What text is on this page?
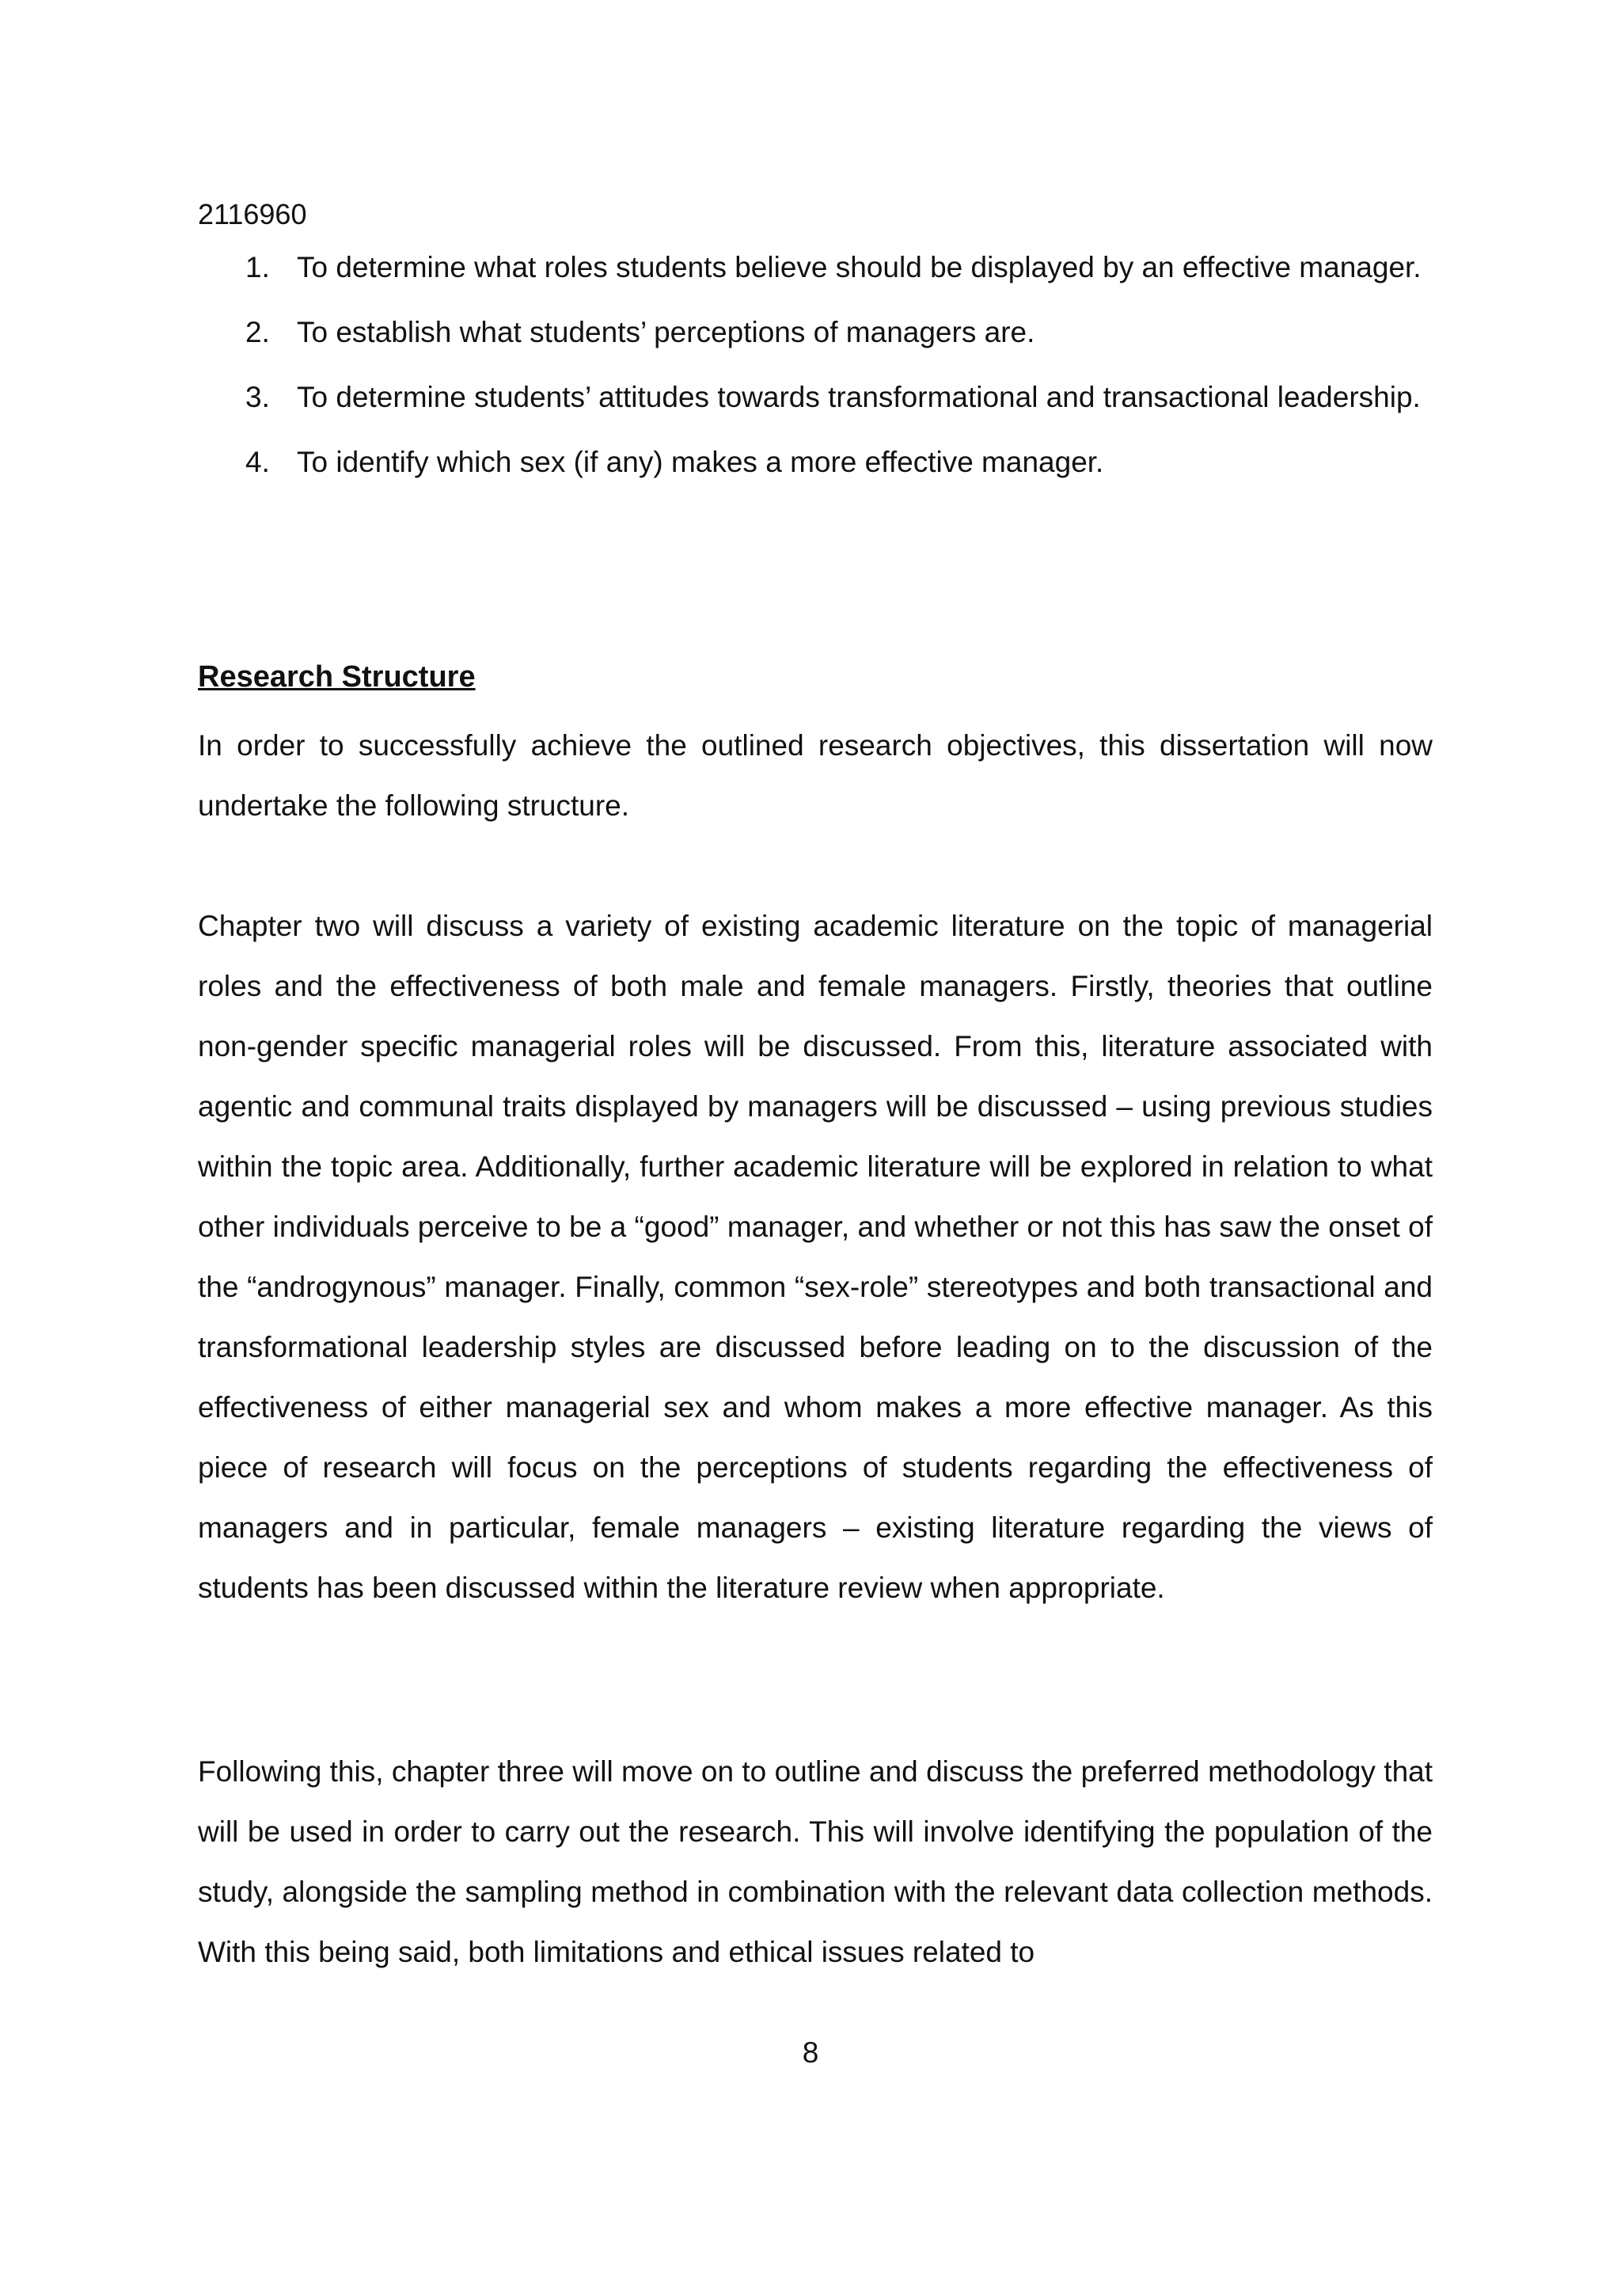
2116960
1. To determine what roles students believe should be displayed by an effective manager.
2. To establish what students’ perceptions of managers are.
3. To determine students’ attitudes towards transformational and transactional leadership.
4. To identify which sex (if any) makes a more effective manager.
Research Structure

In order to successfully achieve the outlined research objectives, this dissertation will now undertake the following structure.

Chapter two will discuss a variety of existing academic literature on the topic of managerial roles and the effectiveness of both male and female managers. Firstly, theories that outline non-gender specific managerial roles will be discussed. From this, literature associated with agentic and communal traits displayed by managers will be discussed – using previous studies within the topic area. Additionally, further academic literature will be explored in relation to what other individuals perceive to be a “good” manager, and whether or not this has saw the onset of the “androgynous” manager. Finally, common “sex-role” stereotypes and both transactional and transformational leadership styles are discussed before leading on to the discussion of the effectiveness of either managerial sex and whom makes a more effective manager. As this piece of research will focus on the perceptions of students regarding the effectiveness of managers and in particular, female managers – existing literature regarding the views of students has been discussed within the literature review when appropriate.

Following this, chapter three will move on to outline and discuss the preferred methodology that will be used in order to carry out the research. This will involve identifying the population of the study, alongside the sampling method in combination with the relevant data collection methods. With this being said, both limitations and ethical issues related to

8
